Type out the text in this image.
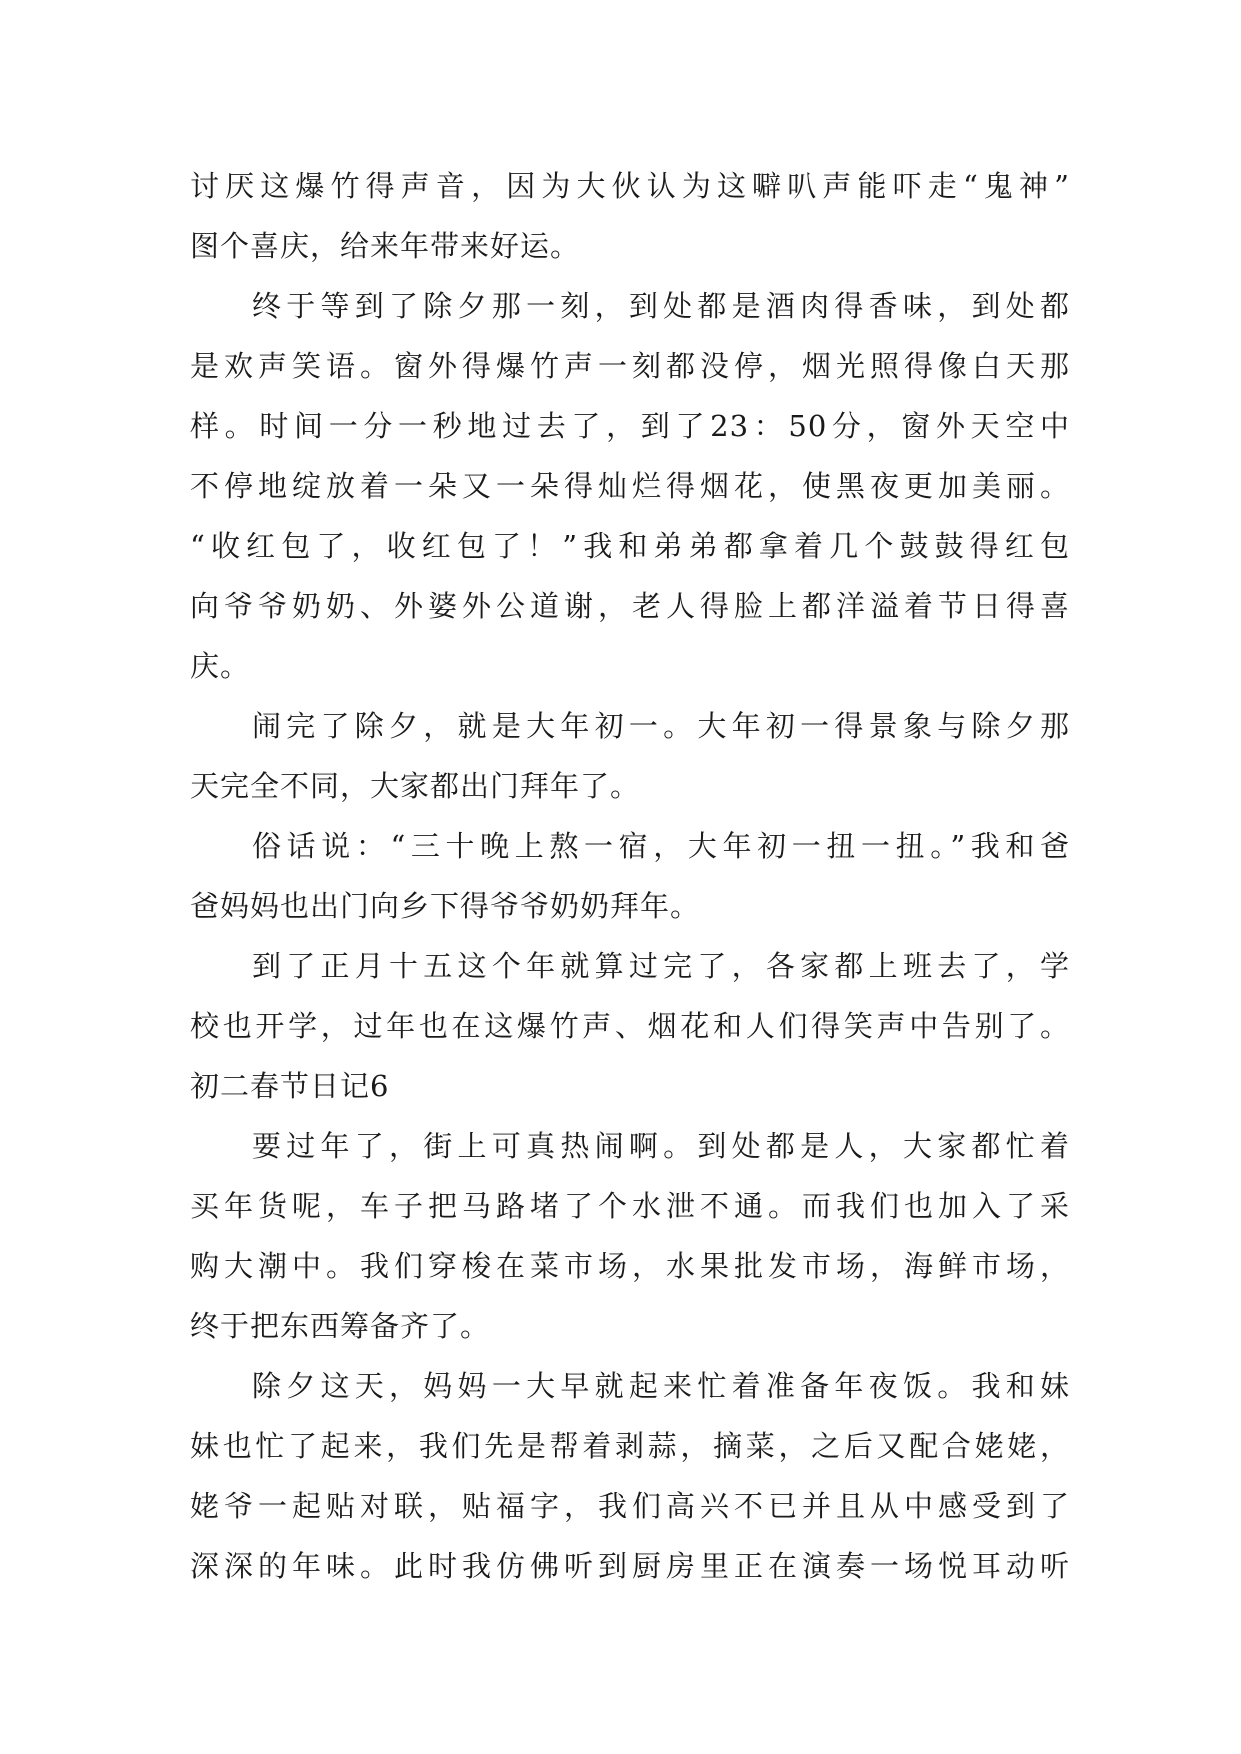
讨厌这爆竹得声音，因为大伙认为这噼叭声能吓走“鬼神”
图个喜庆，给来年带来好运。
终于等到了除夕那一刻，到处都是酒肉得香味，到处都
是欢声笑语。窗外得爆竹声一刻都没停，烟光照得像白天那
样。时间一分一秒地过去了，到了23：50分，窗外天空中
不停地绽放着一朵又一朵得灿烂得烟花，使黑夜更加美丽。
“收红包了，收红包了！”我和弟弟都拿着几个鼓鼓得红包
向爷爷奶奶、外婆外公道谢，老人得脸上都洋溢着节日得喜
庆。
闹完了除夕，就是大年初一。大年初一得景象与除夕那
天完全不同，大家都出门拜年了。
俗话说：“三十晚上熬一宿，大年初一扭一扭。”我和爸
爸妈妈也出门向乡下得爷爷奶奶拜年。
到了正月十五这个年就算过完了，各家都上班去了，学
校也开学，过年也在这爆竹声、烟花和人们得笑声中告别了。
初二春节日记6
要过年了，街上可真热闹啊。到处都是人，大家都忙着
买年货呢，车子把马路堵了个水泄不通。而我们也加入了采
购大潮中。我们穿梭在菜市场，水果批发市场，海鲜市场，
终于把东西筹备齐了。
除夕这天，妈妈一大早就起来忙着准备年夜饭。我和妹
妹也忙了起来，我们先是帮着剥蒜，摘菜，之后又配合姥姥，
姥爷一起贴对联，贴福字，我们高兴不已并且从中感受到了
深深的年味。此时我仿佛听到厨房里正在演奏一场悦耳动听
